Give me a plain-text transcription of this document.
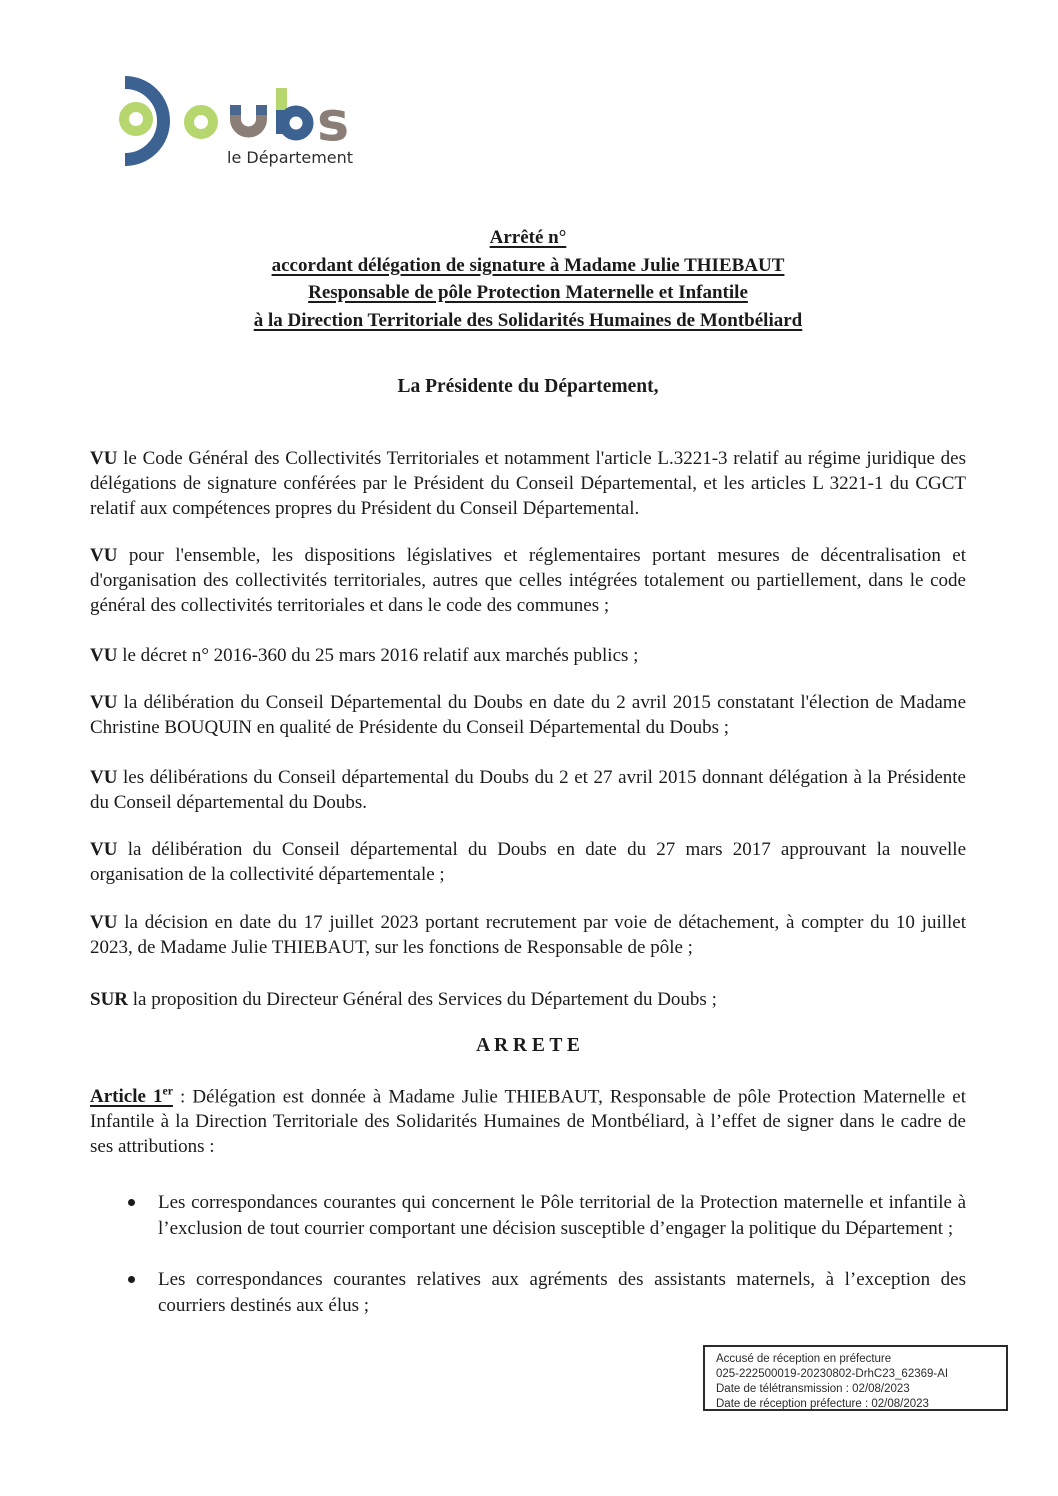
s
le Département
Arrêté n°
accordant délégation de signature à Madame Julie THIEBAUT
Responsable de pôle Protection Maternelle et Infantile
à la Direction Territoriale des Solidarités Humaines de Montbéliard

La Présidente du Département,

VU le Code Général des Collectivités Territoriales et notamment l'article L.3221-3 relatif au régime juridique des délégations de signature conférées par le Président du Conseil Départemental, et les articles L 3221-1 du CGCT relatif aux compétences propres du Président du Conseil Départemental.

VU pour l'ensemble, les dispositions législatives et réglementaires portant mesures de décentralisation et d'organisation des collectivités territoriales, autres que celles intégrées totalement ou partiellement, dans le code général des collectivités territoriales et dans le code des communes ;

VU le décret n° 2016-360 du 25 mars 2016 relatif aux marchés publics ;

VU la délibération du Conseil Départemental du Doubs en date du 2 avril 2015 constatant l'élection de Madame Christine BOUQUIN en qualité de Présidente du Conseil Départemental du Doubs ;

VU les délibérations du Conseil départemental du Doubs du 2 et 27 avril 2015 donnant délégation à la Présidente du Conseil départemental du Doubs.

VU la délibération du Conseil départemental du Doubs en date du 27 mars 2017 approuvant la nouvelle organisation de la collectivité départementale ;

VU la décision en date du 17 juillet 2023 portant recrutement par voie de détachement, à compter du 10 juillet 2023, de Madame Julie THIEBAUT, sur les fonctions de Responsable de pôle ;

SUR la proposition du Directeur Général des Services du Département du Doubs ;

A R R E T E

Article 1er : Délégation est donnée à Madame Julie THIEBAUT, Responsable de pôle Protection Maternelle et Infantile à la Direction Territoriale des Solidarités Humaines de Montbéliard, à l’effet de signer dans le cadre de ses attributions :

Les correspondances courantes qui concernent le Pôle territorial de la Protection maternelle et infantile à l’exclusion de tout courrier comportant une décision susceptible d’engager la politique du Département ;

Les correspondances courantes relatives aux agréments des assistants maternels, à l’exception des courriers destinés aux élus ;

Accusé de réception en préfecture
025-222500019-20230802-DrhC23_62369-AI
Date de télétransmission : 02/08/2023
Date de réception préfecture : 02/08/2023
